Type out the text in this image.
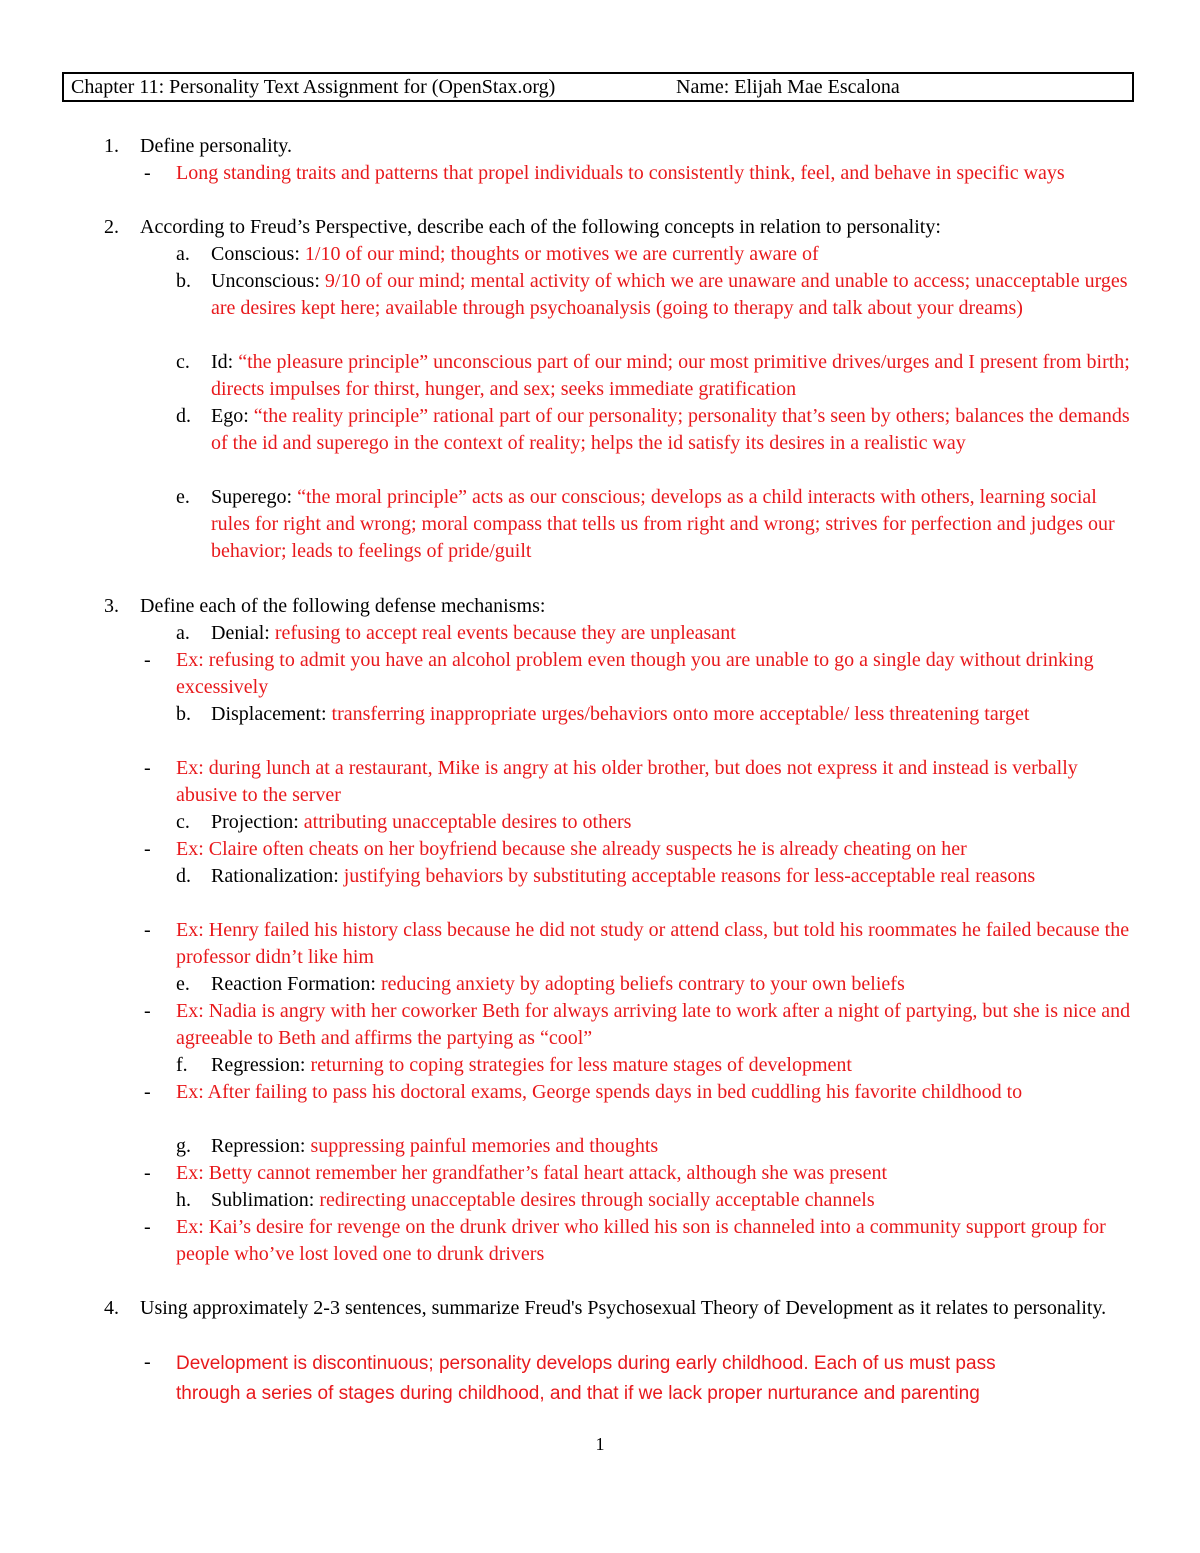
Chapter 11: Personality Text Assignment for (OpenStax.org)	Name: Elijah Mae Escalona
1. Define personality.
- Long standing traits and patterns that propel individuals to consistently think, feel, and behave in specific ways
2. According to Freud’s Perspective, describe each of the following concepts in relation to personality:
a. Conscious: 1/10 of our mind; thoughts or motives we are currently aware of
b. Unconscious: 9/10 of our mind; mental activity of which we are unaware and unable to access; unacceptable urges are desires kept here; available through psychoanalysis (going to therapy and talk about your dreams)
c. Id: “the pleasure principle” unconscious part of our mind; our most primitive drives/urges and I present from birth; directs impulses for thirst, hunger, and sex; seeks immediate gratification
d. Ego: “the reality principle” rational part of our personality; personality that’s seen by others; balances the demands of the id and superego in the context of reality; helps the id satisfy its desires in a realistic way
e. Superego: “the moral principle” acts as our conscious; develops as a child interacts with others, learning social rules for right and wrong; moral compass that tells us from right and wrong; strives for perfection and judges our behavior; leads to feelings of pride/guilt
3. Define each of the following defense mechanisms:
a. Denial: refusing to accept real events because they are unpleasant
- Ex: refusing to admit you have an alcohol problem even though you are unable to go a single day without drinking excessively
b. Displacement: transferring inappropriate urges/behaviors onto more acceptable/ less threatening target
- Ex: during lunch at a restaurant, Mike is angry at his older brother, but does not express it and instead is verbally abusive to the server
c. Projection: attributing unacceptable desires to others
- Ex: Claire often cheats on her boyfriend because she already suspects he is already cheating on her
d. Rationalization: justifying behaviors by substituting acceptable reasons for less-acceptable real reasons
- Ex: Henry failed his history class because he did not study or attend class, but told his roommates he failed because the professor didn’t like him
e. Reaction Formation: reducing anxiety by adopting beliefs contrary to your own beliefs
- Ex: Nadia is angry with her coworker Beth for always arriving late to work after a night of partying, but she is nice and agreeable to Beth and affirms the partying as “cool”
f. Regression: returning to coping strategies for less mature stages of development
- Ex: After failing to pass his doctoral exams, George spends days in bed cuddling his favorite childhood to
g. Repression: suppressing painful memories and thoughts
- Ex: Betty cannot remember her grandfather’s fatal heart attack, although she was present
h. Sublimation: redirecting unacceptable desires through socially acceptable channels
- Ex: Kai’s desire for revenge on the drunk driver who killed his son is channeled into a community support group for people who’ve lost loved one to drunk drivers
4. Using approximately 2-3 sentences, summarize Freud's Psychosexual Theory of Development as it relates to personality.
- Development is discontinuous; personality develops during early childhood. Each of us must pass
through a series of stages during childhood, and that if we lack proper nurturance and parenting
1
